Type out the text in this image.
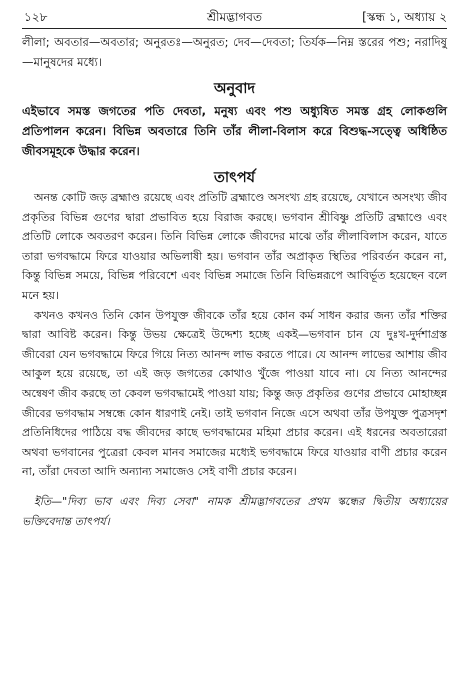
১২৮	শ্রীমদ্ভাগবত	[স্কন্ধ ১, অধ্যায় ২
লীলা; অবতার—অবতার; অনুরতঃ—অনুরত; দেব—দেবতা; তির্যক—নিম্ন স্তরের পশু; নরাদিষু—মানুষদের মধ্যে।
অনুবাদ
এইভাবে সমস্ত জগতের পতি দেবতা, মনুষ্য এবং পশু অধ্যুষিত সমস্ত গ্রহ লোকগুলি প্রতিপালন করেন। বিভিন্ন অবতারে তিনি তাঁর লীলা-বিলাস করে বিশুদ্ধ-সত্ত্বে অধিষ্ঠিত জীবসমূহকে উদ্ধার করেন।
তাৎপর্য

অনন্ত কোটি জড় ব্রহ্মাণ্ড রয়েছে এবং প্রতিটি ব্রহ্মাণ্ডে অসংখ্য গ্রহ রয়েছে, যেখানে অসংখ্য জীব প্রকৃতির বিভিন্ন গুণের দ্বারা প্রভাবিত হয়ে বিরাজ করছে। ভগবান শ্রীবিষ্ণু প্রতিটি ব্রহ্মাণ্ডে এবং প্রতিটি লোকে অবতরণ করেন। তিনি বিভিন্ন লোকে জীবদের মাঝে তাঁর লীলাবিলাস করেন, যাতে তারা ভগবদ্ধামে ফিরে যাওয়ার অভিলাষী হয়। ভগবান তাঁর অপ্রাকৃত স্থিতির পরিবর্তন করেন না, কিন্তু বিভিন্ন সময়ে, বিভিন্ন পরিবেশে এবং বিভিন্ন সমাজে তিনি বিভিন্নরূপে আবির্ভূত হয়েছেন বলে মনে হয়।

কখনও কখনও তিনি কোন উপযুক্ত জীবকে তাঁর হয়ে কোন কর্ম সাধন করার জন্য তাঁর শক্তির দ্বারা আবিষ্ট করেন। কিন্তু উভয় ক্ষেত্রেই উদ্দেশ্য হচ্ছে একই—ভগবান চান যে দুঃখ-দুর্দশাগ্রস্ত জীবেরা যেন ভগবদ্ধামে ফিরে গিয়ে নিত্য আনন্দ লাভ করতে পারে। যে আনন্দ লাভের আশায় জীব আকুল হয়ে রয়েছে, তা এই জড় জগতের কোথাও খুঁজে পাওয়া যাবে না। যে নিত্য আনন্দের অন্বেষণ জীব করছে তা কেবল ভগবদ্ধামেই পাওয়া যায়; কিন্তু জড় প্রকৃতির গুণের প্রভাবে মোহাচ্ছন্ন জীবের ভগবদ্ধাম সম্বন্ধে কোন ধারণাই নেই। তাই ভগবান নিজে এসে অথবা তাঁর উপযুক্ত পুত্রসদৃশ প্রতিনিধিদের পাঠিয়ে বদ্ধ জীবদের কাছে ভগবদ্ধামের মহিমা প্রচার করেন। এই ধরনের অবতারেরা অথবা ভগবানের পুত্রেরা কেবল মানব সমাজের মধ্যেই ভগবদ্ধামে ফিরে যাওয়ার বাণী প্রচার করেন না, তাঁরা দেবতা আদি অন্যান্য সমাজেও সেই বাণী প্রচার করেন।

ইতি—"দিব্য ভাব এবং দিব্য সেবা" নামক শ্রীমদ্ভাগবতের প্রথম স্কন্ধের দ্বিতীয় অধ্যায়ের ভক্তিবেদান্ত তাৎপর্য।
